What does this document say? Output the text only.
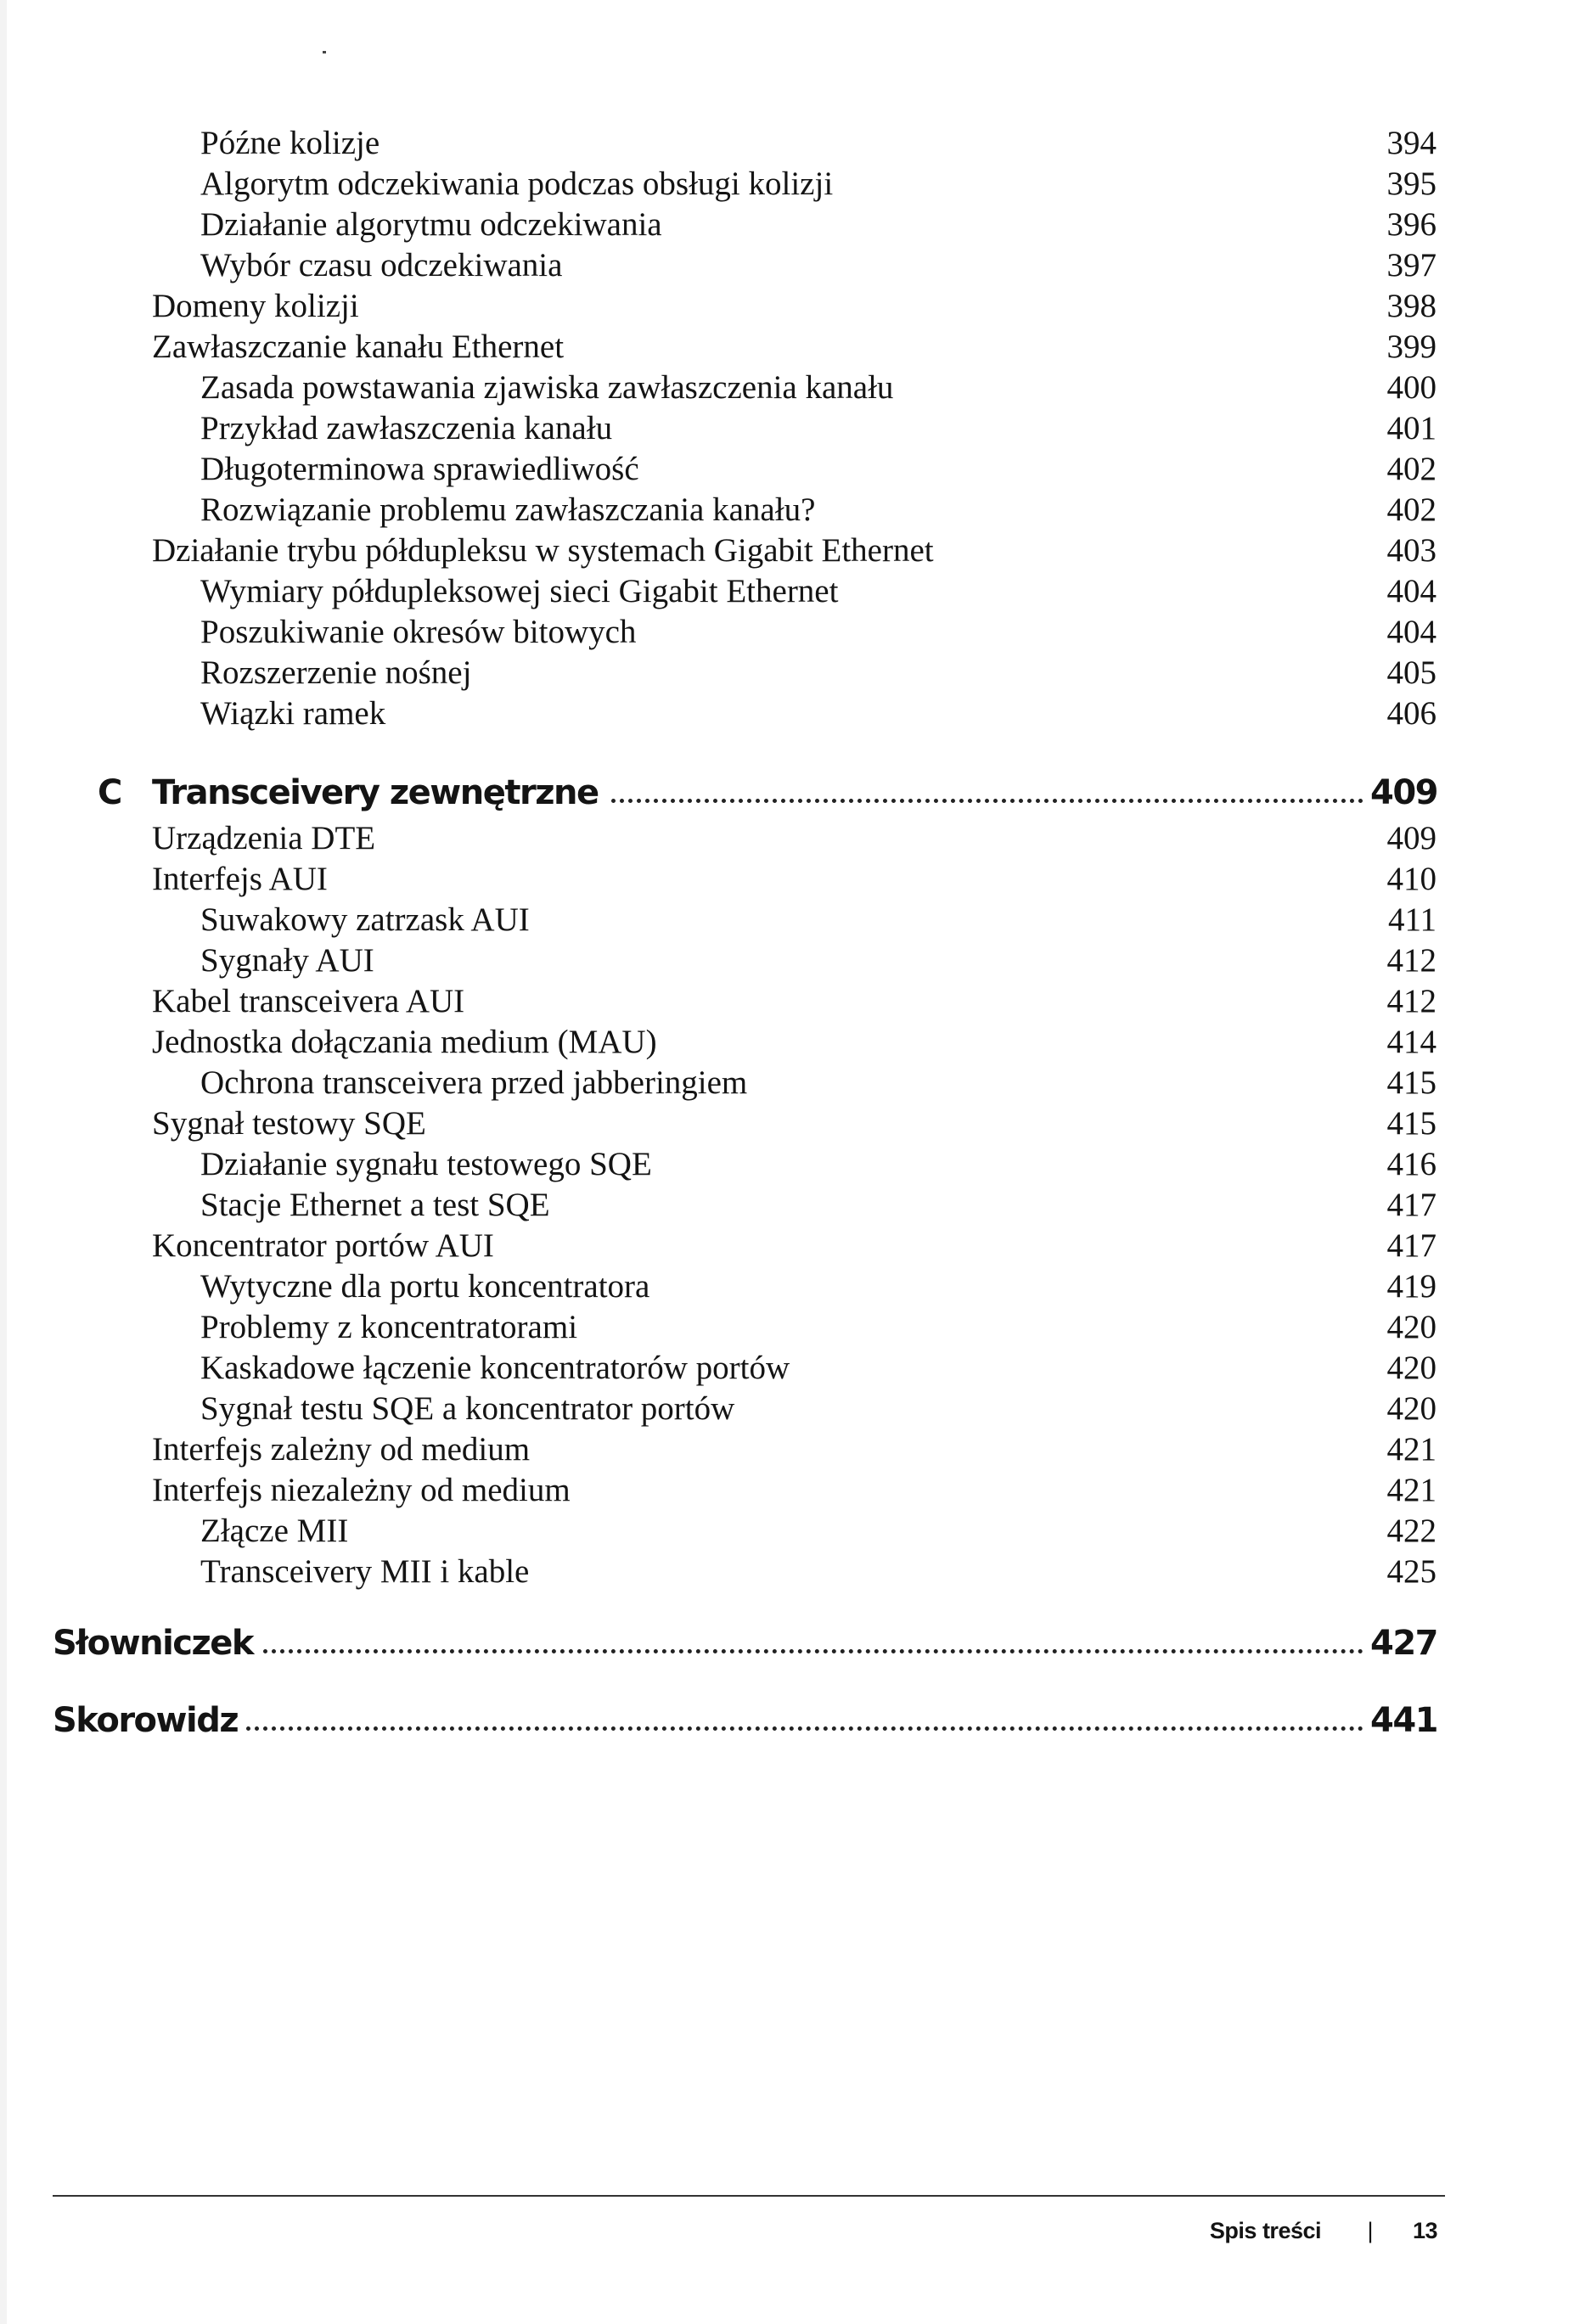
Późne kolizje	394
Algorytm odczekiwania podczas obsługi kolizji	395
Działanie algorytmu odczekiwania	396
Wybór czasu odczekiwania	397
Domeny kolizji	398
Zawłaszczanie kanału Ethernet	399
Zasada powstawania zjawiska zawłaszczenia kanału	400
Przykład zawłaszczenia kanału	401
Długoterminowa sprawiedliwość	402
Rozwiązanie problemu zawłaszczania kanału?	402
Działanie trybu półdupleksu w systemach Gigabit Ethernet	403
Wymiary półdupleksowej sieci Gigabit Ethernet	404
Poszukiwanie okresów bitowych	404
Rozszerzenie nośnej	405
Wiązki ramek	406
C Transceivery zewnętrzne	409
Urządzenia DTE	409
Interfejs AUI	410
Suwakowy zatrzask AUI	411
Sygnały AUI	412
Kabel transceivera AUI	412
Jednostka dołączania medium (MAU)	414
Ochrona transceivera przed jabberingiem	415
Sygnał testowy SQE	415
Działanie sygnału testowego SQE	416
Stacje Ethernet a test SQE	417
Koncentrator portów AUI	417
Wytyczne dla portu koncentratora	419
Problemy z koncentratorami	420
Kaskadowe łączenie koncentratorów portów	420
Sygnał testu SQE a koncentrator portów	420
Interfejs zależny od medium	421
Interfejs niezależny od medium	421
Złącze MII	422
Transceivery MII i kable	425
Słowniczek	427
Skorowidz	441
Spis treści | 13
